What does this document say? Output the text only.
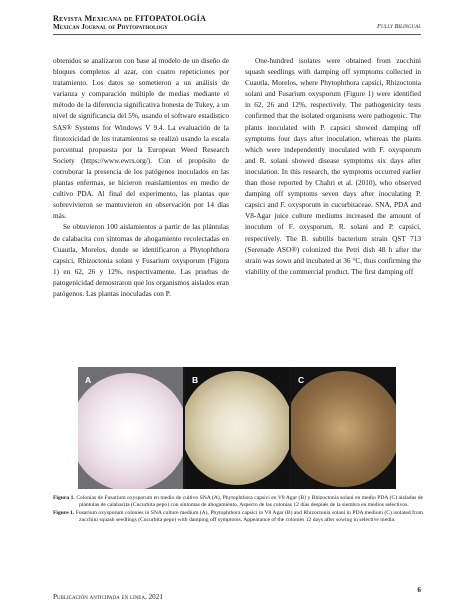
Revista Mexicana de FITOPATOLOGÍA
Mexican Journal of Phytopathology	Fully Bilingual

obtenidos se analizaron con base al modelo de un diseño de bloques completos al azar, con cuatro repeticiones por tratamiento. Los datos se sometieron a un análisis de varianza y comparación múltiple de medias mediante el método de la diferencia significativa honesta de Tukey, a un nivel de significancia del 5%, usando el software estadístico SAS® Systems for Windows V 9.4. La evaluación de la fitotoxicidad de los tratamientos se realizó usando la escala porcentual propuesta por la European Weed Research Society (https://www.ewrs.org/). Con el propósito de corroborar la presencia de los patógenos inoculados en las plantas enfermas, se hicieron reaislamientos en medio de cultivo PDA. Al final del experimento, las plantas que sobrevivieron se mantuvieron en observación por 14 días más.

Se obtuvieron 100 aislamientos a partir de las plántulas de calabacita con síntomas de ahogamiento recolectadas en Cuautla, Morelos, donde se identificaron a Phytophthora capsici, Rhizoctonia solani y Fusarium oxysporum (Figura 1) en 62, 26 y 12%, respectivamente. Las pruebas de patogenicidad demostraron que los organismos aislados eran patógenos. Las plantas inoculadas con P.

One-hundred isolates were obtained from zucchini squash seedlings with damping off symptoms collected in Cuautla, Morelos, where Phytophthora capsici, Rhizoctonia solani and Fusarium oxysporum (Figure 1) were identified in 62, 26 and 12%, respectively. The pathogenicity tests confirmed that the isolated organisms were pathogenic. The plants inoculated with P. capsici showed damping off symptoms four days after inoculation, whereas the plants which were independently inoculated with F. oxysporum and R. solani showed disease symptoms six days after inoculation. In this research, the symptoms occurred earlier than those reported by Chahri et al. (2010), who observed damping off symptoms seven days after inoculating P. capsici and F. oxysporum in cucurbitaceae. SNA, PDA and V8-Agar juice culture mediums increased the amount of inoculum of F. oxysporum, R. solani and P. capsici, respectively. The B. subtilis bacterium strain QST 713 (Serenade ASO®) colonized the Petri dish 48 h after the strain was sown and incubated at 36 °C, thus confirming the viability of the commercial product. The first damping off

A	B	C

Figura 1. Colonias de Fusarium oxysporum en medio de cultivo SNA (A), Phytophthora capsici en V8 Agar (B) y Rhizoctonia solani en medio PDA (C) aisladas de plántulas de calabacita (Cucurbita pepo) con síntomas de ahogamiento. Aspecto de las colonias 12 días después de la siembra en medios selectivos.

Figure 1. Fusarium oxysporum colonies in SNA culture medium (A), Phytophthora capsici in V8 Agar (B) and Rhizoctonia solani in PDA medium (C) isolated from zucchini squash seedlings (Cucurbita pepo) with damping off symptoms. Appearance of the colonies 12 days after sowing in selective media.

Publicación anticipada en línea, 2021
6
